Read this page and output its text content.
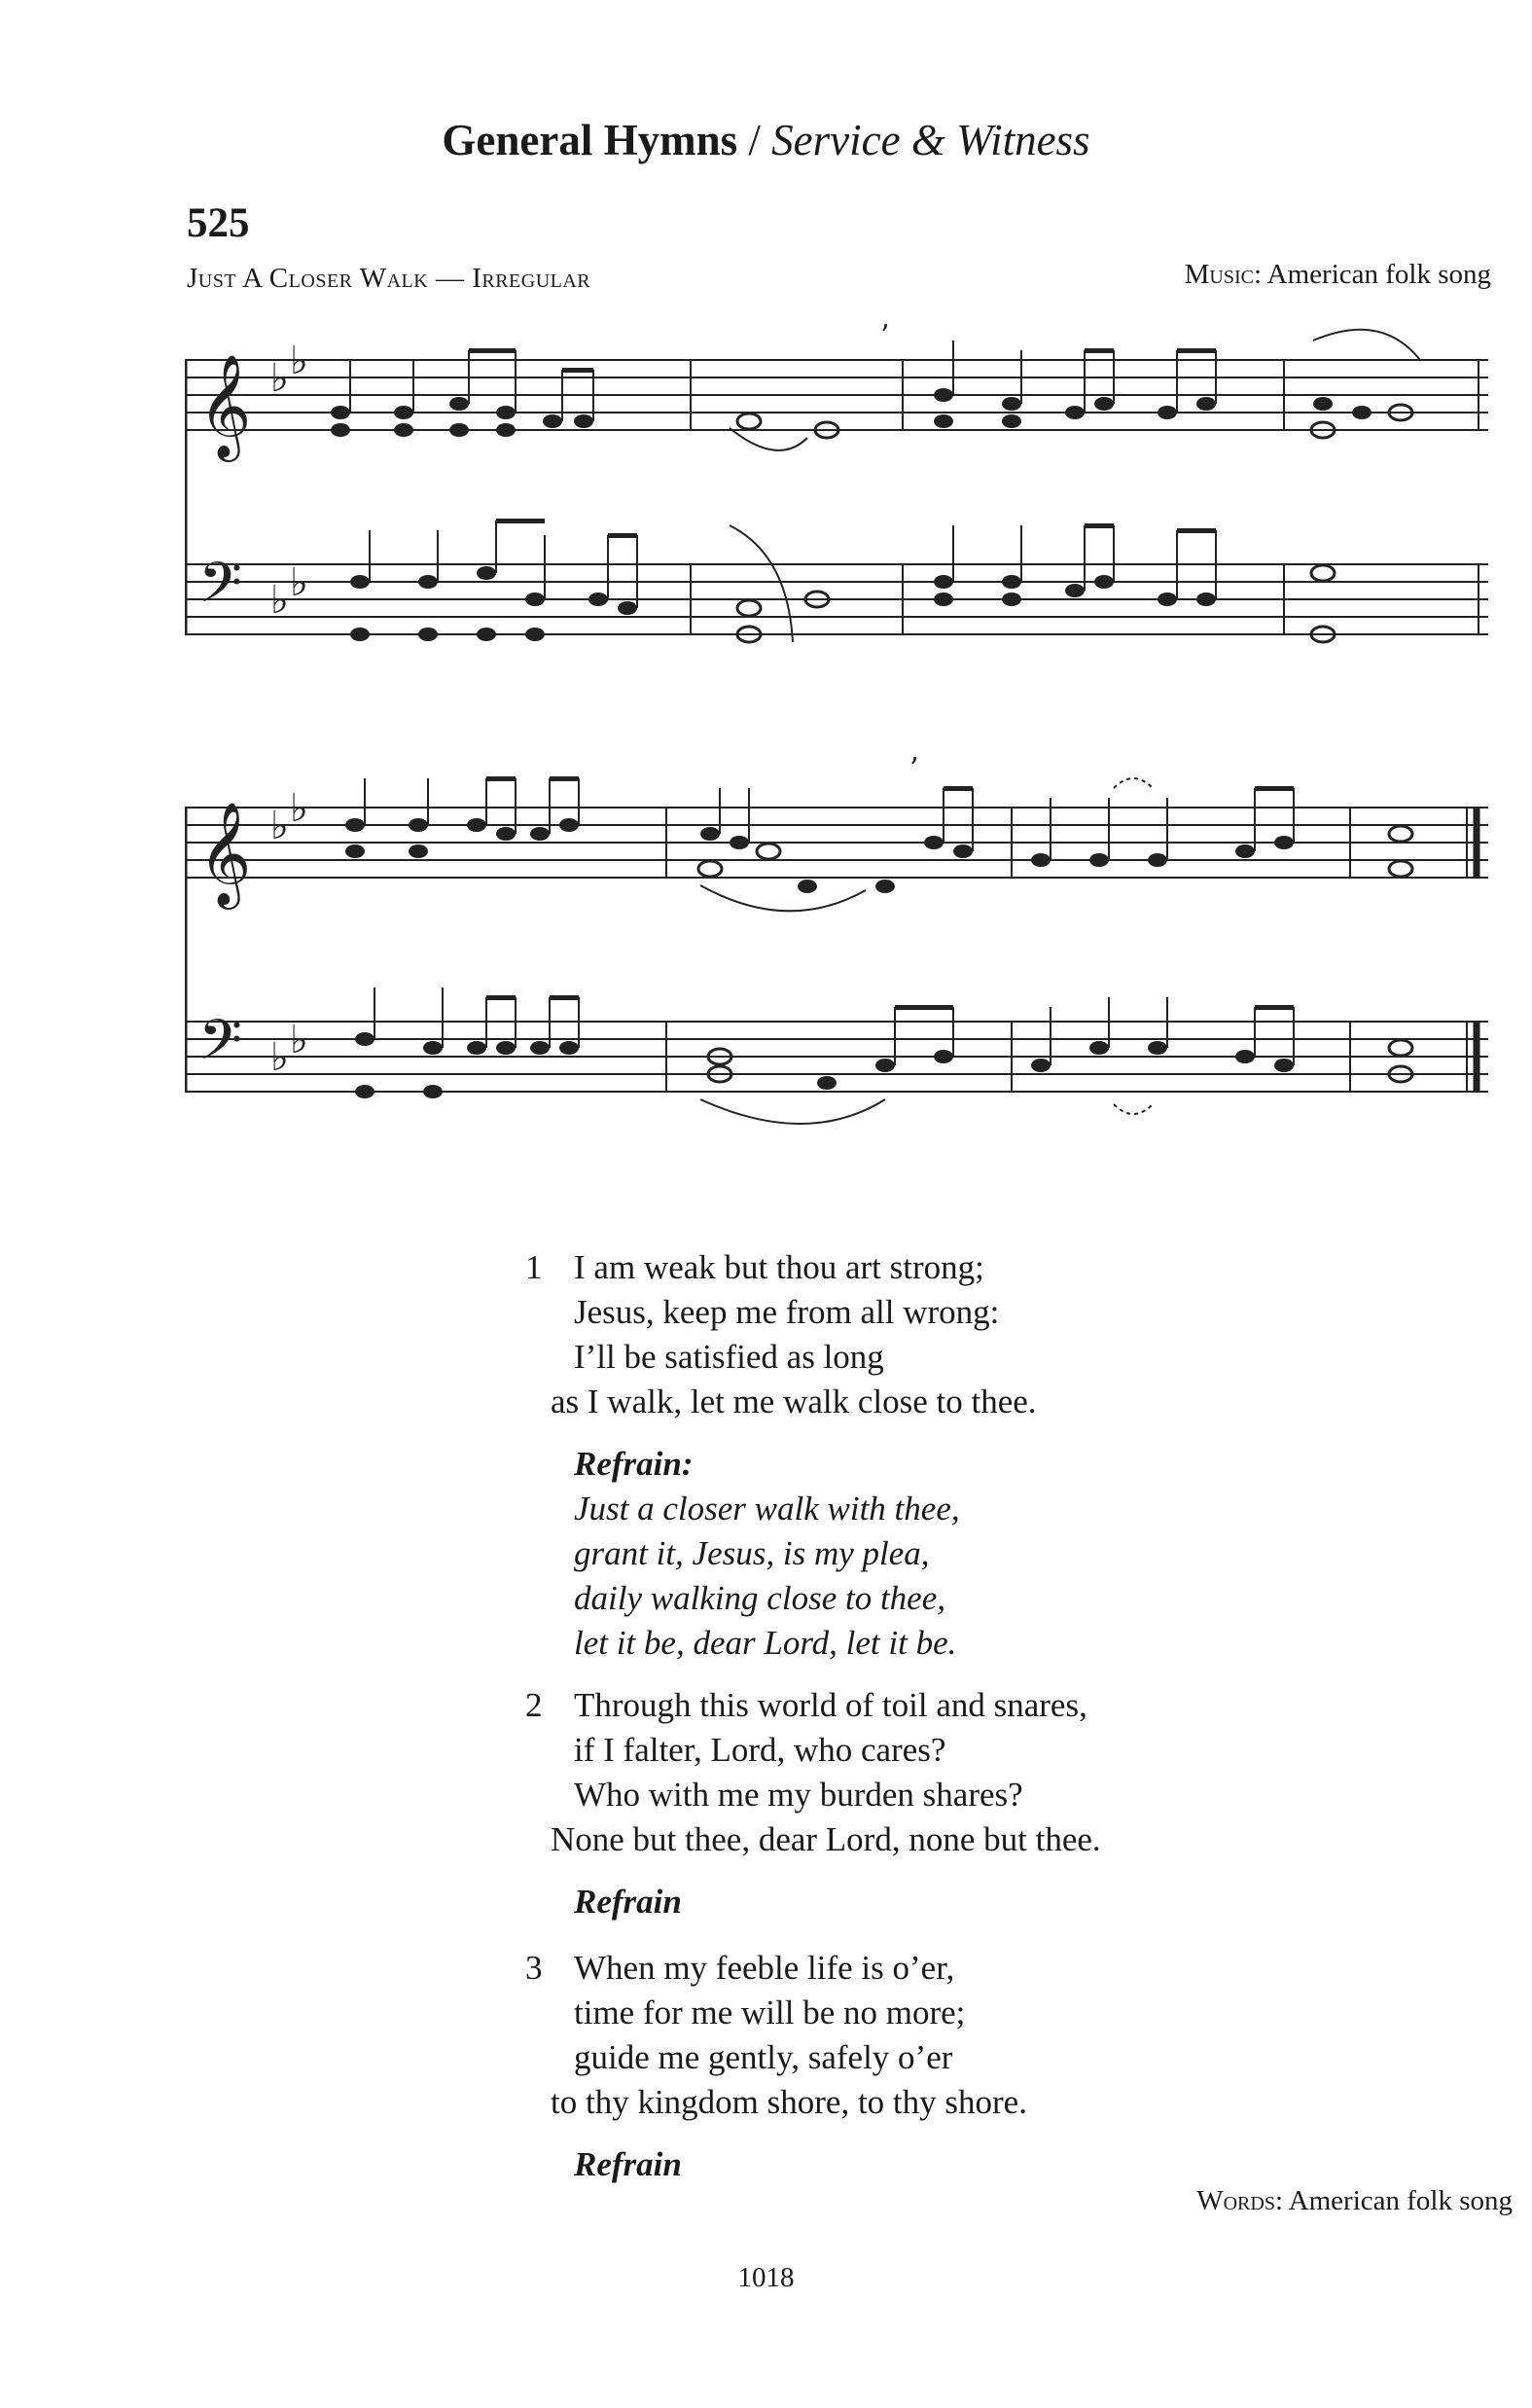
General Hymns / Service & Witness
525
Just A Closer Walk — Irregular	Music: American folk song
𝄞
𝄢
♭ ♭
♭ ♭
’
𝄞
𝄢
♭ ♭
♭ ♭
’
1 I am weak but thou art strong;
Jesus, keep me from all wrong:
I’ll be satisfied as long
as I walk, let me walk close to thee.
Refrain:
Just a closer walk with thee,
grant it, Jesus, is my plea,
daily walking close to thee,
let it be, dear Lord, let it be.
2 Through this world of toil and snares,
if I falter, Lord, who cares?
Who with me my burden shares?
None but thee, dear Lord, none but thee.
Refrain
3 When my feeble life is o’er,
time for me will be no more;
guide me gently, safely o’er
to thy kingdom shore, to thy shore.
Refrain
Words: American folk song
1018
